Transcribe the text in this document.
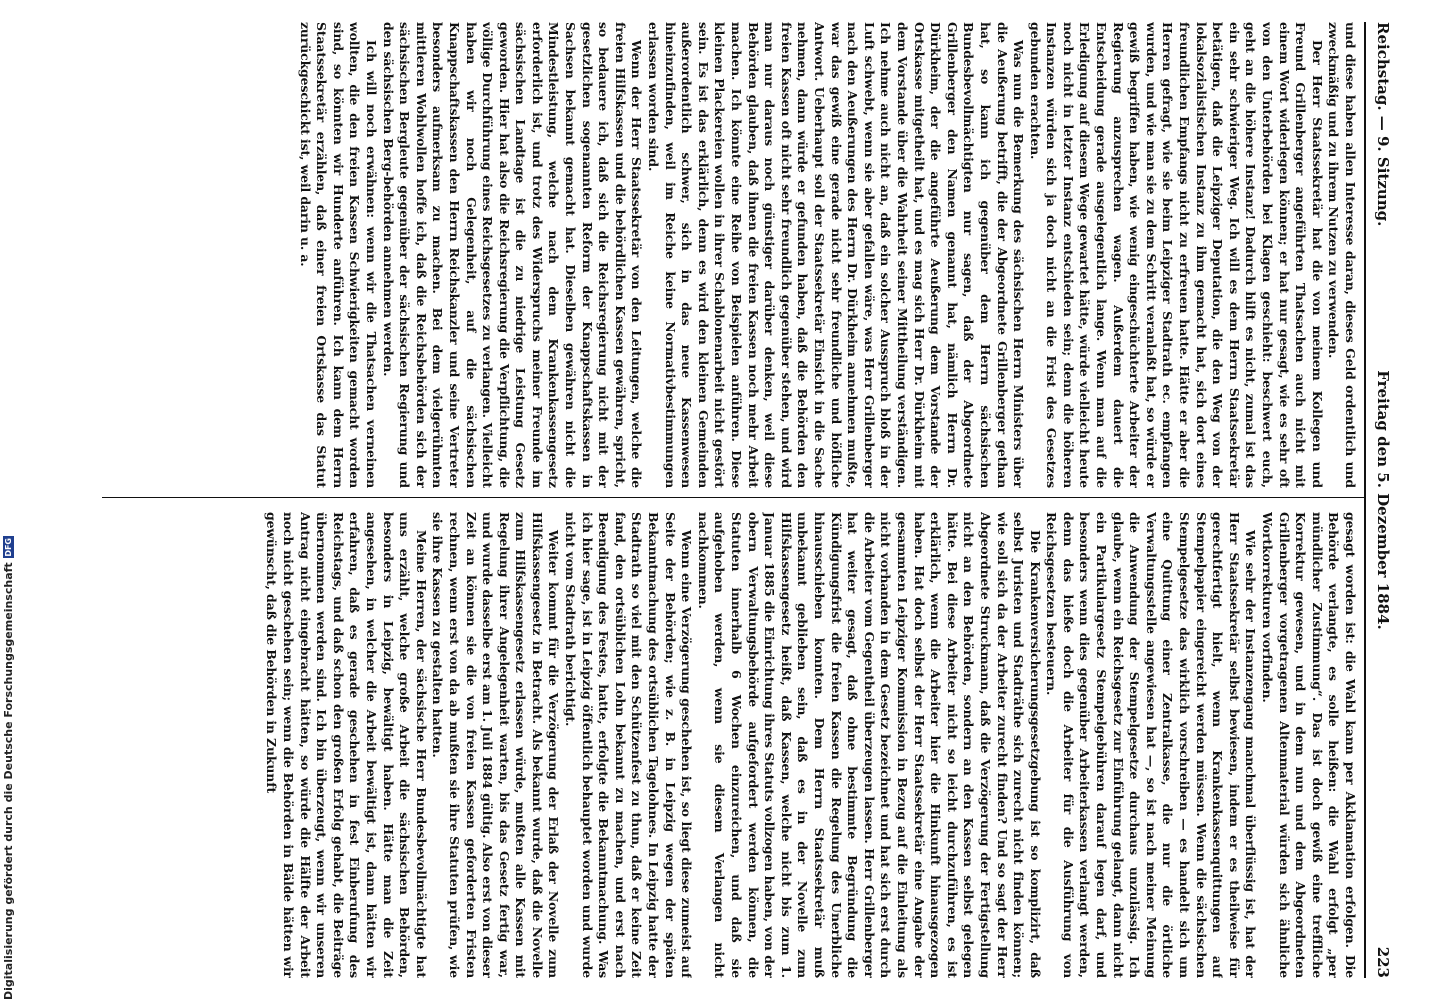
Reichstag. — 9. Sitzung.
Freitag den 5. Dezember 1884.
223

und diese haben allen Interesse daran, dieses Geld ordentlich und zweckmäßig und zu ihrem Nutzen zu verwenden.

Der Herr Staatssekretär hat die von meinem Kollegen und Freund Grillenberger angeführten Thatsachen auch nicht mit einem Wort widerlegen können; er hat nur gesagt, wie es sehr oft von den Unterbehörden bei Klagen geschieht: beschwert euch, geht an die höhere Instanz! Dadurch hilft es nicht, zumal ist das ein sehr schwieriger Weg. Ich will es dem Herrn Staatssekretär betätigen, daß die Leipziger Deputation, die den Weg von der lokalsozialistischen Instanz zu ihm gemacht hat, sich dort eines freundlichen Empfangs nicht zu erfreuen hatte. Hätte er aber die Herren gefragt, wie sie beim Leipziger Stadtrath ec. empfangen wurden, und wie man sie zu dem Schritt veranlaßt hat, so würde er gewiß begriffen haben, wie wenig eingeschüchterte Arbeiter der Regierung anzusprechen wagen. Außerdem dauert die Entscheidung gerade ausgelegentlich lange. Wenn man auf die Erledigung auf diesem Wege gewartet hätte, würde vielleicht heute noch nicht in letzter Instanz entschieden sein; denn die höheren Instanzen würden sich ja doch nicht an die Frist des Gesetzes gebunden erachten.

Was nun die Bemerkung des sächsischen Herrn Ministers über die Aeußerung betrifft, die der Abgeordnete Grillenberger gethan hat, so kann ich gegenüber dem Herrn sächsischen Bundesbevollmächtigten nur sagen, daß der Abgeordnete Grillenberger den Namen genannt hat, nämlich Herrn Dr. Dürkheim, der die angeführte Aeußerung dem Vorstande der Ortskasse mitgetheilt hat, und es mag sich Herr Dr. Dürkheim mit dem Vorstande über die Wahrheit seiner Mittheilung verständigen. Ich nehme auch nicht an, daß ein solcher Ausspruch bloß in der Luft schwebt, wenn sie aber gefallen wäre, was Herr Grillenberger nach den Aeußerungen des Herrn Dr. Dürkheim annehmen mußte, war das gewiß eine gerade nicht sehr freundliche und höfliche Antwort. Ueberhaupt soll der Staatssekretär Einsicht in die Sache nehmen, dann würde er gefunden haben, daß die Behörden den freien Kassen oft nicht sehr freundlich gegenüber stehen, und wird man nur daraus noch günstiger darüber denken, weil diese Behörden glauben, daß ihnen die freien Kassen noch mehr Arbeit machen. Ich könnte eine Reihe von Beispielen anführen. Diese kleinen Plackereien wollen in ihrer Schablonenarbeit nicht gestört sein. Es ist das erklärlich, denn es wird den kleinen Gemeinden außerordentlich schwer, sich in das neue Kassenwesen hineinzufinden, weil im Reiche keine Normativbestimmungen erlassen worden sind.

Wenn der Herr Staatssekretär von den Leitungen, welche die freien Hilfskassen und die behördlichen Kassen gewähren, spricht, so bedauere ich, daß sich die Reichsregierung nicht mit der gesetzlichen sogenannten Reform der Knappschaftskassen in Sachsen bekannt gemacht hat. Dieselben gewähren nicht die Mindestleistung, welche nach dem Krankenkassengesetz erforderlich ist, und trotz des Widerspruchs meiner Freunde im sächsischen Landtage ist die zu niedrige Leistung Gesetz geworden. Hier hat also die Reichsregierung die Verpflichtung, die völlige Durchführung eines Reichsgesetzes zu verlangen. Vielleicht haben wir noch Gelegenheit, auf die sächsischen Knappschaftskassen den Herrn Reichskanzler und seine Vertreter besonders aufmerksam zu machen. Bei dem vielgerühmten mittleren Wohlwollen hoffe ich, daß die Reichsbehörden sich der sächsischen Bergleute gegenüber der sächsischen Regierung und den sächsischen Berg-behörden annehmen werden.

Ich will noch erwähnen: wenn wir die Thatsachen verneinen wollten, die den freien Kassen Schwierigkeiten gemacht worden sind, so könnten wir Hunderte anführen. Ich kann dem Herrn Staatssekretär erzählen, daß einer freien Ortskasse das Statut zurückgeschickt ist, weil darin u. a.

gesagt worden ist: die Wahl kann per Akklamation erfolgen. Die Behörde verlangte, es solle heißen: die Wahl erfolgt „per mündlicher Zustimmung“. Das ist doch gewiß eine treffliche Korrektur gewesen, und in dem nun und dem Abgeordneten Grillenberger vorgetragenen Altenmaterial würden sich ähnliche Wortkorrekturen vorfinden.

Wie sehr der Instanzengang manchmal überflüssig ist, hat der Herr Staatssekretär selbst bewiesen, indem er es theilweise für gerechtfertigt hielt, wenn Krankenkassenquittungen auf Stempelpapier eingereicht werden müssen. Wenn die sächsischen Stempelgesetze das wirklich vorschreiben — es handelt sich um eine Quittung einer Zentralkasse, die nur die örtliche Verwaltungsstelle angewiesen hat —, so ist nach meiner Meinung die Anwendung der Stempelgesetze durchaus unzulässig. Ich glaube, wenn ein Reichsgesetz zur Einführung gelangt, dann nicht ein Partikulargesetz Stempelgebühren darauf legen darf, und besonders wenn dies gegenüber Arbeiterkassen verlangt werden, denn das hieße doch die Arbeiter für die Ausführung von Reichsgesetzen besteuern.

Die Krankenversicherungsgesetzgebung ist so komplizirt, daß selbst Juristen und Stadträthe sich zurecht nicht finden können; wie soll sich da der Arbeiter zurecht finden? Und so sagt der Herr Abgeordnete Struckmann, daß die Verzögerung der Fertigstellung nicht an den Behörden, sondern an den Kassen selbst gelegen hätte. Bei diese Arbeiter nicht so leicht durchzuführen, es ist erklärlich, wenn die Arbeiter hier die Hinkunft hinausgezogen haben. Hat doch selbst der Herr Staatssekretär eine Angabe der gesammten Leipziger Kommission in Bezug auf die Einleitung als nicht vorhanden in dem Gesetz bezeichnet und hat sich erst durch die Arbeiter vom Gegentheil überzeugen lassen. Herr Grillenberger hat weiter gesagt, daß ohne bestimmte Begründung die Kündigungsfrist die freien Kassen die Regelung des Unerbliche hinausschieben konnten. Dem Herrn Staatssekretär muß unbekannt geblieben sein, daß es in der Novelle zum Hilfskassengesetz heißt, daß Kassen, welche nicht bis zum 1. Januar 1885 die Einrichtung ihres Statuts vollzogen haben, von der obern Verwaltungsbehörde aufgefordert werden können, die Statuten innerhalb 6 Wochen einzureichen, und daß sie aufgehoben werden, wenn sie diesem Verlangen nicht nachkommen.

Wenn eine Verzögerung geschehen ist, so liegt diese zumeist auf Seite der Behörden; wie z. B. in Leipzig wegen der späten Bekanntmachung des ortsüblichen Tagelohnes. In Leipzig hatte der Stadtrath so viel mit den Schützenfest zu thun, daß er keine Zeit fand, den ortsüblichen Lohn bekannt zu machen, und erst nach Beendigung des Festes, hatte, erfolgte die Bekanntmachung. Was ich hier sage, ist in Leipzig öffentlich behauptet worden und wurde nicht vom Stadtrath berichtigt.

Weiter kommt für die Verzögerung der Erlaß der Novelle zum Hilfskassengesetz in Betracht. Als bekannt wurde, daß die Novelle zum Hilfskassengesetz erlassen würde, mußten alle Kassen mit Regelung ihrer Angelegenheit warten, bis das Gesetz fertig war, und wurde dasselbe erst am 1. Juli 1884 gültig. Also erst von dieser Zeit an können sie die von freien Kassen geforderten Fristen rechnen, wenn erst von da ab mußten sie ihre Statuten prüfen, wie sie ihre Kassen zu gestalten hatten.

Meine Herren, der sächsische Herr Bundesbevollmächtigte hat uns erzählt, welche große Arbeit die sächsischen Behörden, besonders in Leipzig, bewältigt haben. Hätte man die Zeit angesehen, in welcher die Arbeit bewältigt ist, dann hätten wir erfahren, daß es gerade geschehen in fest Einberufung des Reichstags, und daß schon den großen Erfolg gehabt, die Beiträge übernommen werden sind. Ich bin überzeugt, wenn wir unseren Antrag nicht eingebracht hätten, so würde die Hälfte der Arbeit noch nicht geschehen sein; wenn die Behörden in Bälde hätten wir gewünscht, daß die Behörden in Zukunft

Digitalisierung gefördert durch die Deutsche Forschungsgemeinschaft
DFG
